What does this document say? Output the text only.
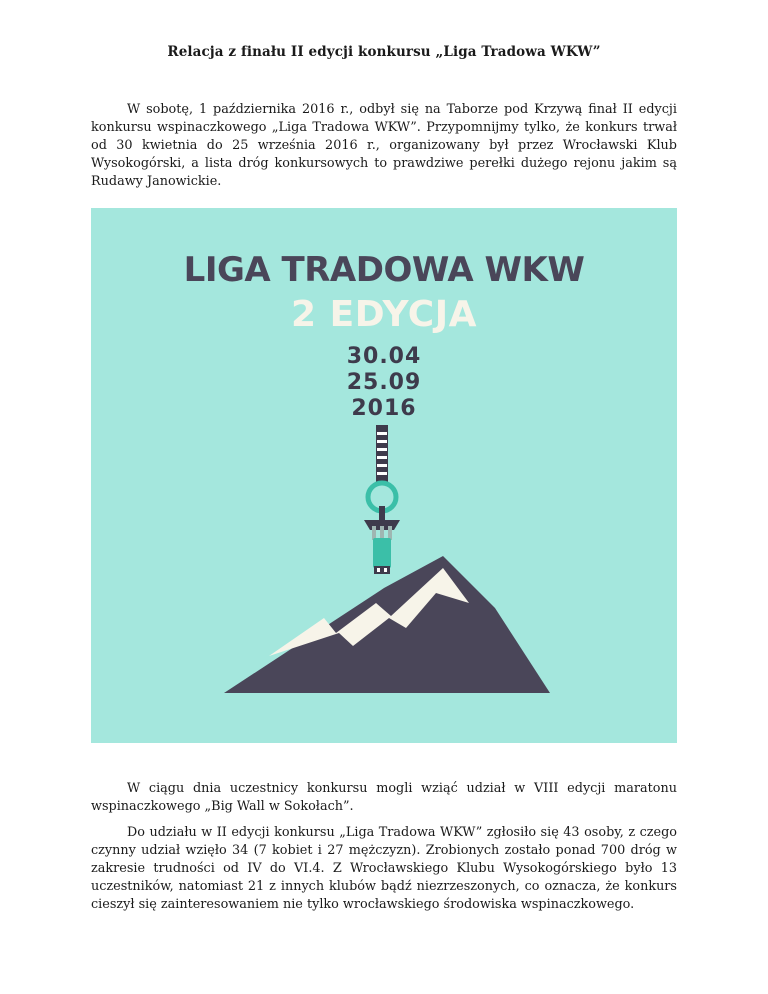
Relacja z finału II edycji konkursu „Liga Tradowa WKW”

W sobotę, 1 października 2016 r., odbył się na Taborze pod Krzywą finał II edycji konkursu wspinaczkowego „Liga Tradowa WKW”. Przypomnijmy tylko, że konkurs trwał od 30 kwietnia do 25 września 2016 r., organizowany był przez Wrocławski Klub Wysokogórski, a lista dróg konkursowych to prawdziwe perełki dużego rejonu jakim są Rudawy Janowickie.

LIGA TRADOWA WKW

2 EDYCJA

30.04

25.09

2016

W ciągu dnia uczestnicy konkursu mogli wziąć udział w VIII edycji maratonu wspinaczkowego „Big Wall w Sokołach”.

Do udziału w II edycji konkursu „Liga Tradowa WKW” zgłosiło się 43 osoby, z czego czynny udział wzięło 34 (7 kobiet i 27 mężczyzn). Zrobionych zostało ponad 700 dróg w zakresie trudności od IV do VI.4. Z Wrocławskiego Klubu Wysokogórskiego było 13 uczestników, natomiast 21 z innych klubów bądź niezrzeszonych, co oznacza, że konkurs cieszył się zainteresowaniem nie tylko wrocławskiego środowiska wspinaczkowego.
